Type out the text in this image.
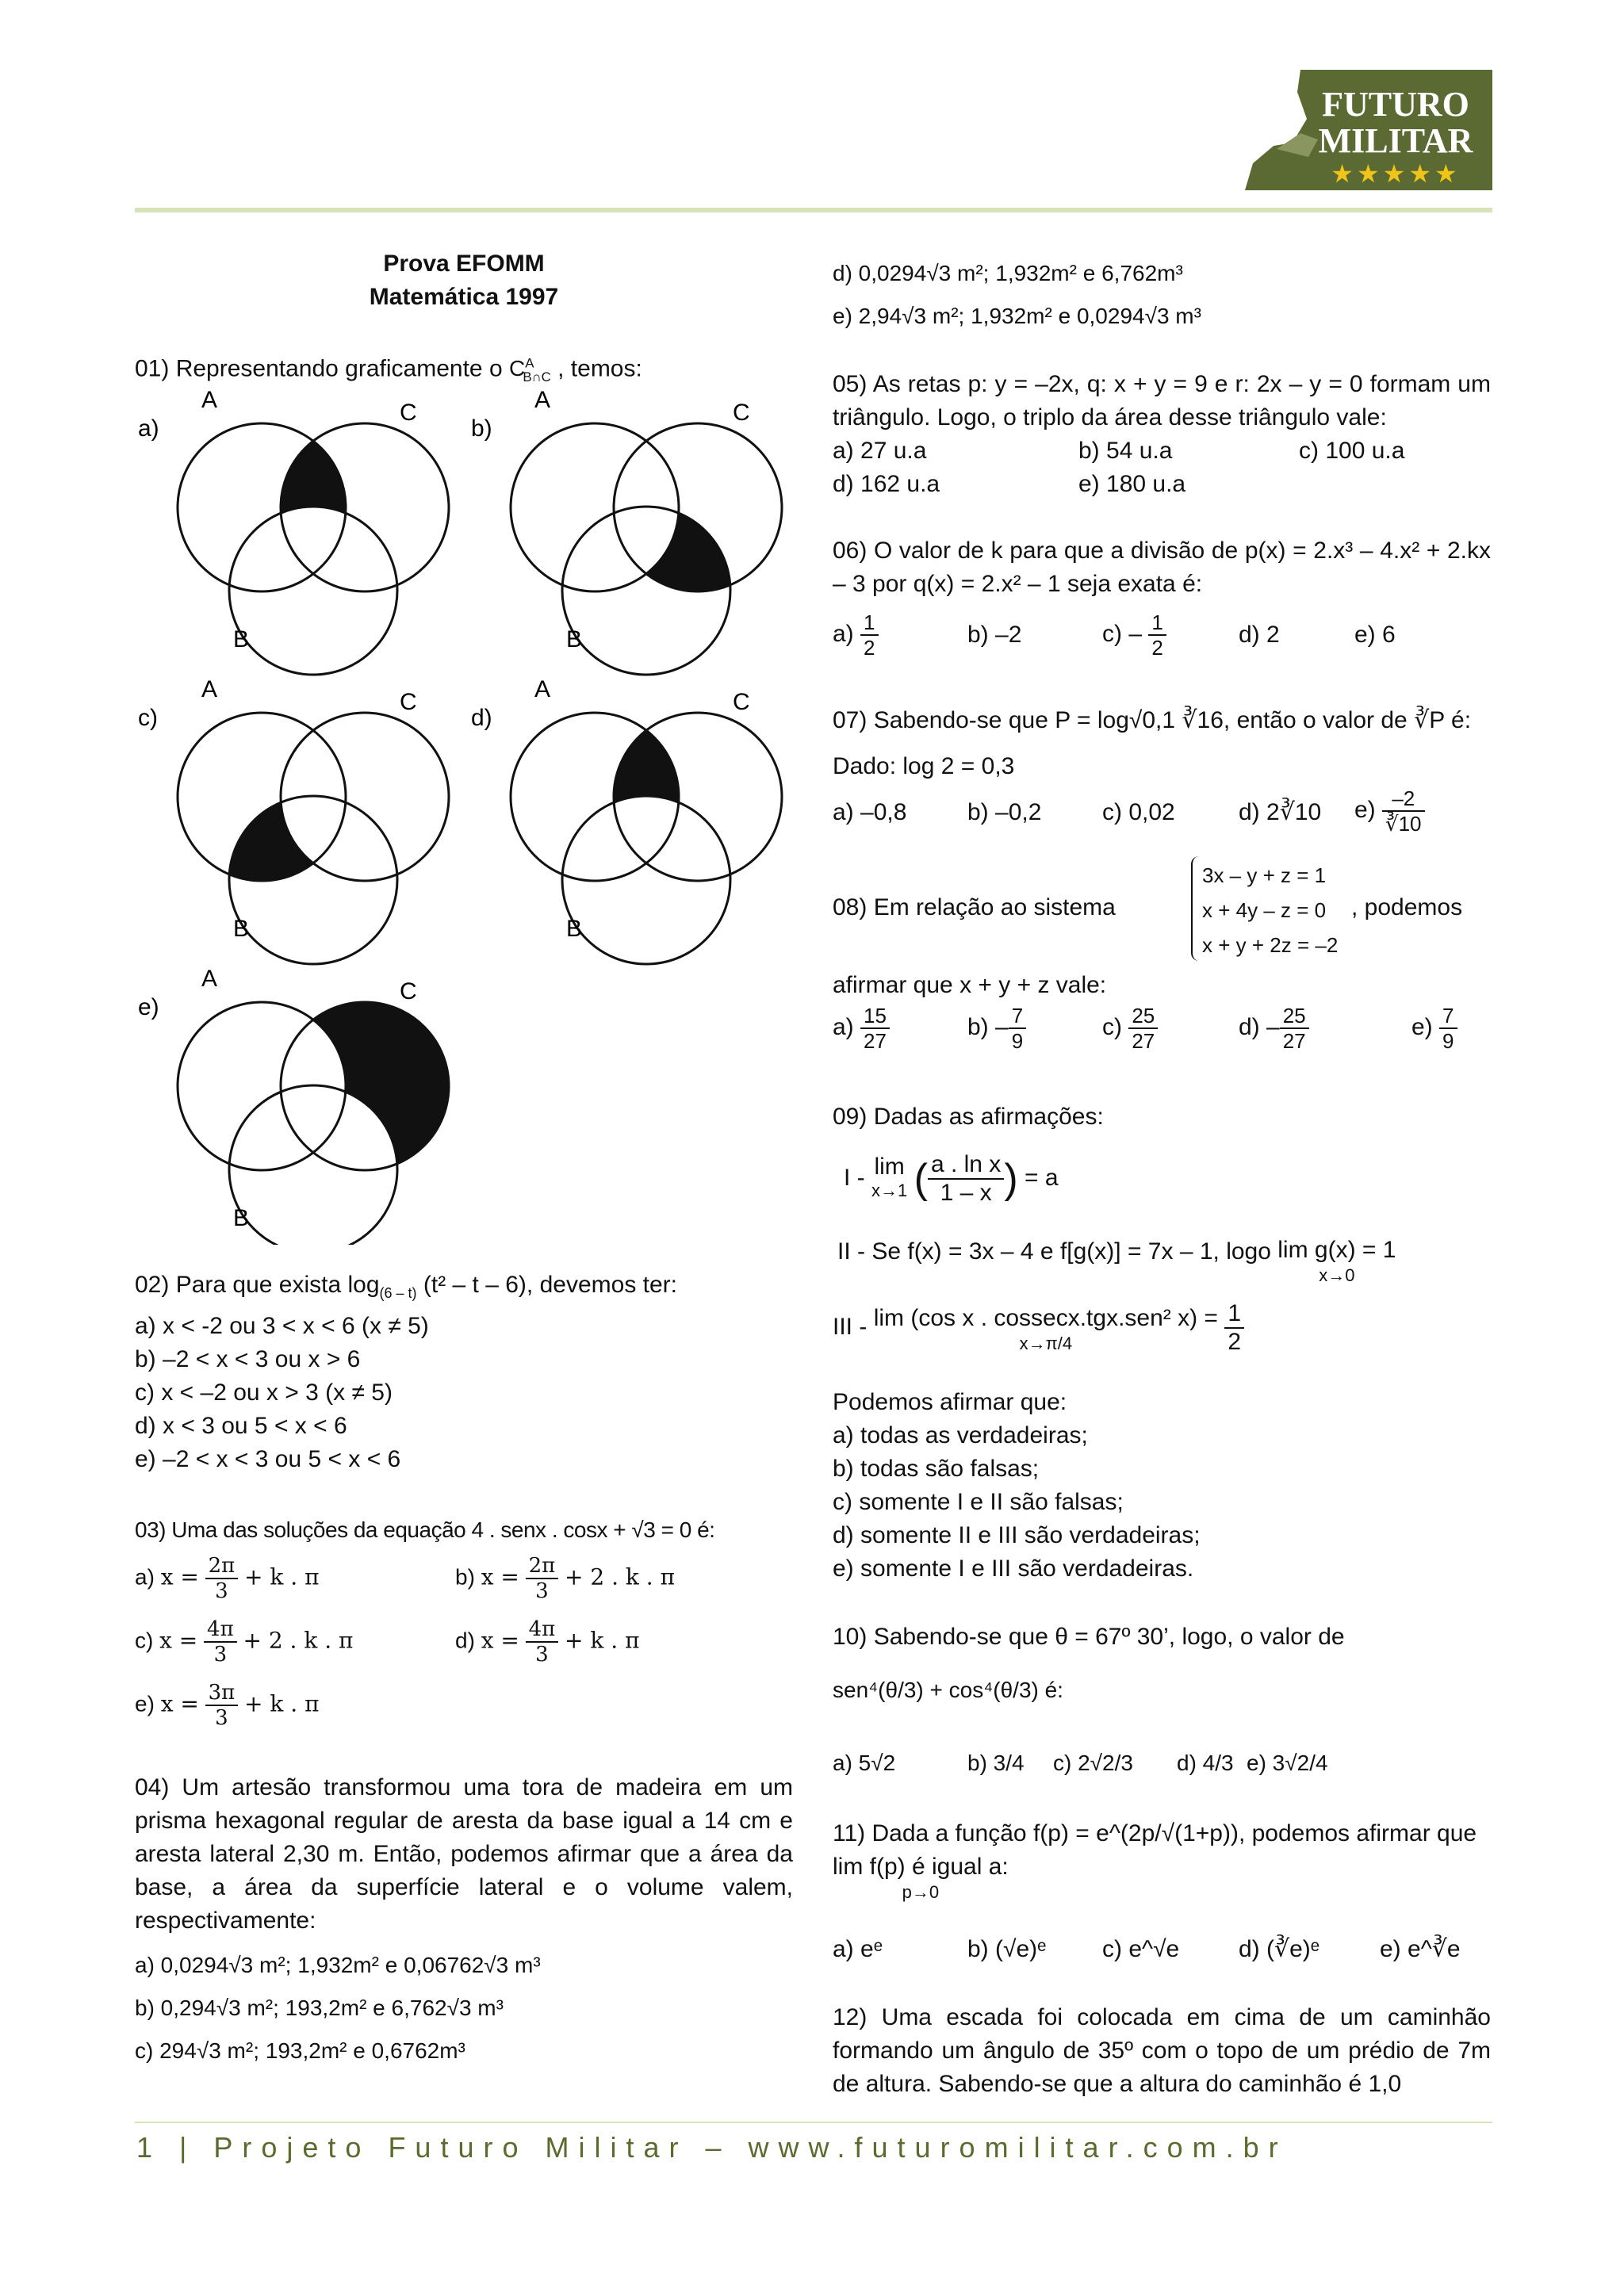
FUTURO
MILITAR
★★★★★
Prova EFOMM
Matemática 1997
01) Representando graficamente o $C^A_{B\cap C}$ , temos:
a)
A	C
B
b)
A	C
B
c)
A	C
B
d)
A	C
B
e)
A	C
B
02) Para que exista $\log_{(6 - t)} (t^2$ – t – 6), devemos ter:
a) x < -2 ou 3 < x < 6 (x ≠ 5)
b) –2 < x < 3 ou x > 6
c) x < –2 ou x > 3 (x ≠ 5)
d) x < 3 ou 5 < x < 6
e) –2 < x < 3 ou 5 < x < 6
03) Uma das soluções da equação 4 . senx . cosx + √3 = 0 é:
a) $x = \frac{2\pi}{3} + k$ . π	b) $x = \frac{2\pi}{3} + 2$ . k . π
c) $x = \frac{4\pi}{3} + 2$ . k . π	d) $x = \frac{4\pi}{3} + k$ . π
e) $x = \frac{3\pi}{3} + k$ . π
04) Um artesão transformou uma tora de madeira em um prisma hexagonal regular de aresta da base igual a 14 cm e aresta lateral 2,30 m. Então, podemos afirmar que a área da base, a área da superfície lateral e o volume valem, respectivamente:
a) 0,0294√3 m²; 1,932m² e 0,06762√3 m³
b) 0,294√3 m²; 193,2m² e 6,762√3 m³
c) 294√3 m²; 193,2m² e 0,6762m³
d) 0,0294√3 m²; 1,932m² e 6,762m³
e) 2,94√3 m²; 1,932m² e 0,0294√3 m³
05) As retas p: y = –2x, q: x + y = 9 e r: 2x – y = 0 formam um triângulo. Logo, o triplo da área desse triângulo vale:
a) 27 u.a	b) 54 u.a	c) 100 u.a
d) 162 u.a	e) 180 u.a
06) O valor de k para que a divisão de p(x) = 2.x³ – 4.x² + 2.kx – 3 por q(x) = 2.x² – 1 seja exata é:
$a) \frac{1}{2}$	b) –2	$c) - \frac{1}{2}$	d) 2	e) 6
07) Sabendo-se que P = log√0,1 ∛16, então o valor de ∛P é:
Dado: log 2 = 0,3
a) –0,8	b) –0,2	c) 0,02	d) 2∛10 $e) \frac{-2}{∛10}$
08) Em relação ao sistema
3x – y + z = 1
x + 4y – z = 0
x + y + 2z = –2
, podemos
afirmar que x + y + z vale:
$a) \frac{15}{27}$	$b) - \frac{7}{9}$	$c) \frac{25}{27}$	$d) - \frac{25}{27}$	$e) \frac{7}{9}$
09) Dadas as afirmações:
I - lim
x→1 ( $\frac{\text{a . ln x}}{1 - x}$ ) = a
II - Se f(x) = 3x – 4 e f[g(x)] = 7x – 1, logo lim g(x) = 1
x→0
III - lim (cos x . cossecx.tgx.sen² x) =
x→π/4	$\frac{1}{2}$
Podemos afirmar que:
a) todas as verdadeiras;
b) todas são falsas;
c) somente I e II são falsas;
d) somente II e III são verdadeiras;
e) somente I e III são verdadeiras.
10) Sabendo-se que θ = 67º 30’, logo, o valor de
sen⁴(θ/3) + cos⁴(θ/3) é:
a) 5√2	b) 3/4 c) 2√2/3 d) 4/3 e) 3√2/4
11) Dada a função f(p) = e^(2p/√(1+p)), podemos afirmar que
lim f(p) é igual a:
p→0
a) eᵉ	b) (√e)ᵉ c) e^√e d) (∛e)ᵉ	e) e^∛e
12) Uma escada foi colocada em cima de um caminhão formando um ângulo de 35º com o topo de um prédio de 7m de altura. Sabendo-se que a altura do caminhão é 1,0
1 | Projeto Futuro Militar – www.futuromilitar.com.br
